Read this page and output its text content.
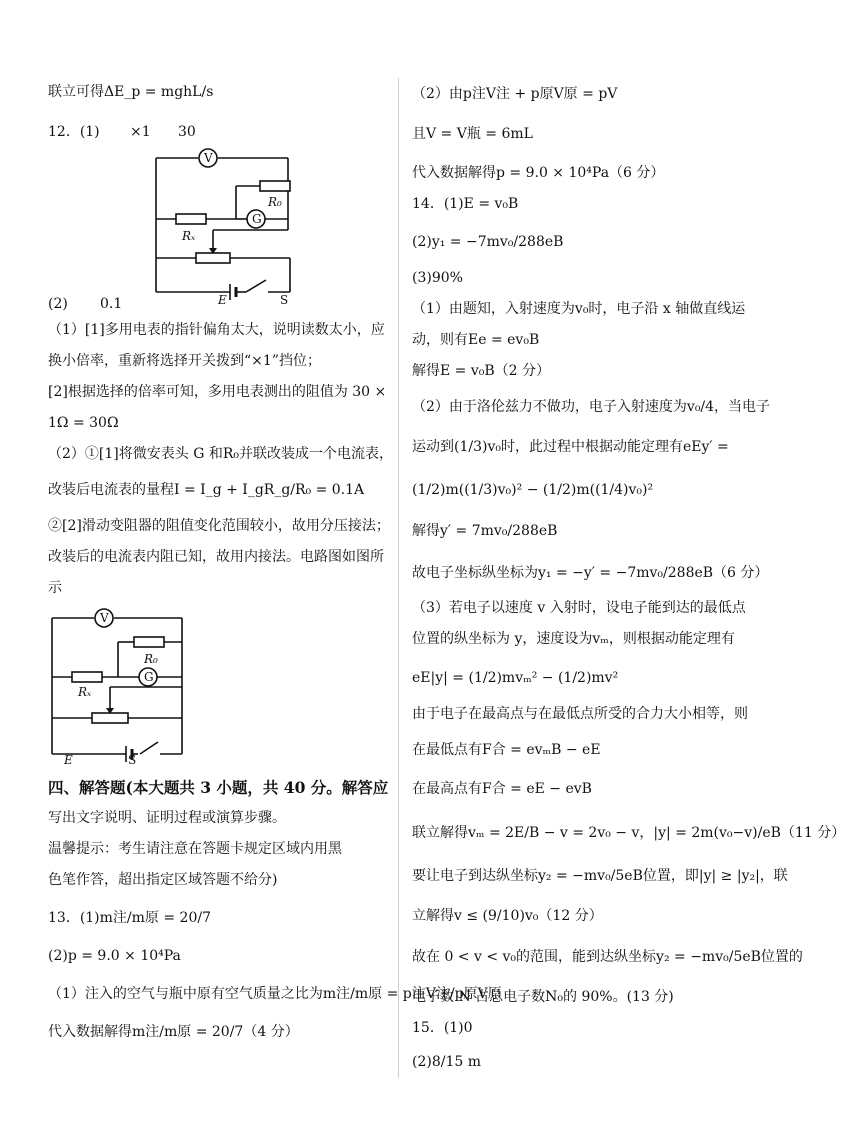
联立可得ΔE_p = mghL/s
12．(1) ×1 30
V
G
R₀
Rₓ
E	S
(2) 0.1
（1）[1]多用电表的指针偏角太大，说明读数太小，应
换小倍率，重新将选择开关拨到“×1”挡位；
[2]根据选择的倍率可知，多用电表测出的阻值为 30 ×
1Ω = 30Ω
（2）①[1]将微安表头 G 和R₀并联改装成一个电流表，
改装后电流表的量程I = I_g + I_gR_g/R₀ = 0.1A
②[2]滑动变阻器的阻值变化范围较小，故用分压接法；
改装后的电流表内阻已知，故用内接法。电路图如图所
示
V
G
R₀
Rₓ
E	S
四、解答题(本大题共 3 小题，共 40 分。解答应
写出文字说明、证明过程或演算步骤。
温馨提示：考生请注意在答题卡规定区域内用黑
色笔作答，超出指定区域答题不给分)
13．(1)m注/m原 = 20/7
(2)p = 9.0 × 10⁴Pa
（1）注入的空气与瓶中原有空气质量之比为m注/m原 = p注V注/p原V原
代入数据解得m注/m原 = 20/7（4 分）
（2）由p注V注 + p原V原 = pV
且V = V瓶 = 6mL
代入数据解得p = 9.0 × 10⁴Pa（6 分）
14．(1)E = v₀B
(2)y₁ = −7mv₀/288eB
(3)90%
（1）由题知，入射速度为v₀时，电子沿 x 轴做直线运
动，则有Ee = ev₀B
解得E = v₀B（2 分）
（2）由于洛伦兹力不做功，电子入射速度为v₀/4，当电子
运动到(1/3)v₀时，此过程中根据动能定理有eEy′ =
(1/2)m((1/3)v₀)² − (1/2)m((1/4)v₀)²
解得y′ = 7mv₀/288eB
故电子坐标纵坐标为y₁ = −y′ = −7mv₀/288eB（6 分）
（3）若电子以速度 v 入射时，设电子能到达的最低点
位置的纵坐标为 y，速度设为vₘ，则根据动能定理有
eE|y| = (1/2)mvₘ² − (1/2)mv²
由于电子在最高点与在最低点所受的合力大小相等，则
在最低点有F合 = evₘB − eE
在最高点有F合 = eE − evB
联立解得vₘ = 2E/B − v = 2v₀ − v，|y| = 2m(v₀−v)/eB（11 分）
要让电子到达纵坐标y₂ = −mv₀/5eB位置，即|y| ≥ |y₂|，联
立解得v ≤ (9/10)v₀（12 分）
故在 0 < v < v₀的范围，能到达纵坐标y₂ = −mv₀/5eB位置的
电子数 N 占总电子数N₀的 90%。(13 分)
15．(1)0
(2)8/15 m
